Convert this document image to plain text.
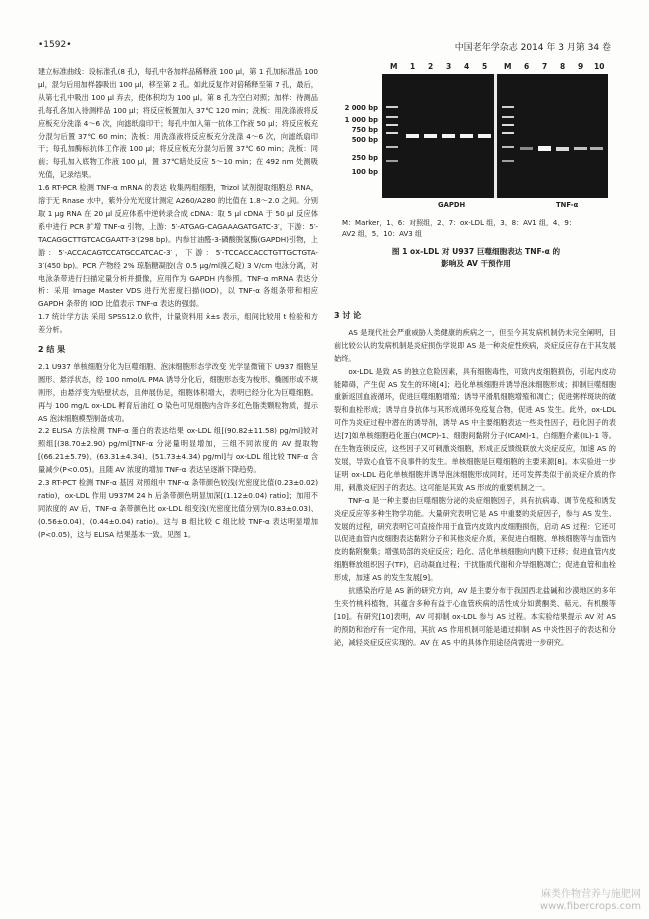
•1592•	中国老年学杂志 2014 年 3 月第 34 卷

建立标准曲线：设标准孔(8 孔)，每孔中各加样品稀释液 100 μl，第 1 孔加标准品 100 μl，混匀后用加样器吸出 100 μl，移至第 2 孔。如此反复作对倍稀释至第 7 孔，最后，从第七孔中吸出 100 μl 弃去，使体积均为 100 μl。第 8 孔为空白对照；加样：待测品孔每孔各加入待测样品 100 μl；将反应板置加入 37℃ 120 min；洗板：用洗涤液将反应板充分洗涤 4～6 次，向滤纸扇印干；每孔中加入第一抗体工作液 50 μl；将反应板充分混匀后置 37℃ 60 min；洗板：用洗涤液将反应板充分洗涤 4～6 次，向滤纸扇印干；每孔加酶标抗体工作液 100 μl；将反应板充分混匀后置 37℃ 60 min；洗板：同前；每孔加入底物工作液 100 μl，置 37℃暗处反应 5～10 min；在 492 nm 处测吸光值，记录结果。

1.6 RT-PCR 检测 TNF-α mRNA 的表达 收集两组细胞，Trizol 试剂提取细胞总 RNA，溶于无 Rnase 水中，紫外分光光度计测定 A260/A280 的比值在 1.8～2.0 之间。分别取 1 μg RNA 在 20 μl 反应体系中逆转录合成 cDNA：取 5 μl cDNA 于 50 μl 反应体系中进行 PCR 扩增 TNF-α 引物，上游：5′-ATGAG-CAGAAAGATGATC-3′，下游：5′-TACAGGCTTGTCACGAATT-3′(298 bp)。内参甘油醛-3-磷酸脱氢酶(GAPDH)引物，上游：5′-ACCACAGTCCATGCCATCAC-3′，下游：5′-TCCACCACCTGTTGCTGTA-3′(450 bp)。PCR 产物经 2% 琼脂糖凝胶(含 0.5 μg/ml溴乙啶) 3 V/cm 电泳分离，对电泳条带进行扫描定量分析并摄像，应用作为 GAPDH 内参照。TNF-α mRNA 表达分析：采用 Image Master VDS 进行光密度扫描(IOD)，以 TNF-α 各组条带和相应 GAPDH 条带的 IOD 比值表示 TNF-α 表达的强弱。

1.7 统计学方法 采用 SPSS12.0 软件，计量资料用 x̄±s 表示，组间比较用 t 检验和方差分析。

2 结 果

2.1 U937 单核细胞分化为巨噬细胞、泡沫细胞形态学改变 光学显微镜下 U937 细胞呈圆形、悬浮状态，经 100 nmol/L PMA 诱导分化后，细胞形态变为梭形、椭圆形或不规则形，由悬浮变为贴壁状态，且伸展伪足，细胞体积增大，表明已经分化为巨噬细胞。再与 100 mg/L ox-LDL 孵育后油红 O 染色可见细胞内含许多红色脂类颗粒物质，提示 AS 泡沫细胞模型制备成功。

2.2 ELISA 方法检测 TNF-α 蛋白的表达结果 ox-LDL 组[(90.82±11.58) pg/ml]较对照组[(38.70±2.90) pg/ml]TNF-α 分泌量明显增加，三组不同浓度的 AV 提取物[(66.21±5.79)、(63.31±4.34)、(51.73±4.34) pg/ml]与 ox-LDL 组比较 TNF-α 含量减少(P<0.05)。且随 AV 浓度的增加 TNF-α 表达呈逐渐下降趋势。

2.3 RT-PCT 检测 TNF-α 基因 对照组中 TNF-α 条带颜色较浅(光密度比值(0.23±0.02) ratio)，ox-LDL 作用 U937M 24 h 后条带颜色明显加深[(1.12±0.04) ratio]；加用不同浓度的 AV 后，TNF-α 条带颜色比 ox-LDL 组变浅(光密度比值分别为(0.83±0.03)、(0.56±0.04)、(0.44±0.04) ratio)。这与 B 组比较 C 组比较 TNF-α 表达明显增加(P<0.05)，这与 ELISA 结果基本一致。见图 1。

M 1 2 3 4 5 M 6 7 8 9 10
2 000 bp
1 000 bp
750 bp
500 bp
250 bp
100 bp
GAPDH	TNF-α
M：Marker，1、6：对照组，2、7：ox-LDL 组，3、8：AV1 组，4、9：
AV2 组，5、10：AV3 组
图 1 ox-LDL 对 U937 巨噬细胞表达 TNF-α 的
影响及 AV 干预作用
3 讨 论

AS 是现代社会严重威胁人类健康的疾病之一，但至今其发病机制仍未完全阐明，目前比较公认的发病机制是炎症损伤学说即 AS 是一种炎症性疾病，炎症反应存在于其发展始终。

ox-LDL 是致 AS 的独立危险因素，具有细胞毒性，可致内皮细胞损伤，引起内皮功能障碍，产生促 AS 发生的环境[4]；趋化单核细胞并诱导泡沫细胞形成；抑制巨噬细胞重新返回血液循环，促进巨噬细胞增殖；诱导平滑肌细胞增殖和凋亡；促进粥样斑块的破裂和血栓形成；诱导自身抗体与其形成循环免疫复合物，促进 AS 发生。此外，ox-LDL 可作为炎症过程中潜在的诱导剂，诱导 AS 中主要细胞表达一些炎性因子，趋化因子的表达[7]如单核细胞趋化蛋白(MCP)-1、细胞间黏附分子(ICAM)-1、白细胞介素(IL)-1 等。在生物连锁反应，这些因子又可刺激炎细胞，形成正反馈级联放大炎症反应，加速 AS 的发展，导致心血管不良事件的发生。单核细胞是巨噬细胞的主要来源[8]。本实验进一步证明 ox-LDL 趋化单核细胞并诱导泡沫细胞形成同时，还可发挥类似于前炎症介质的作用，刺激炎症因子的表达。这可能是其致 AS 形成的重要机制之一。

TNF-α 是一种主要由巨噬细胞分泌的炎症细胞因子，具有抗病毒、调节免疫和诱发炎症反应等多种生物学功能。大量研究表明它是 AS 中重要的炎症因子，参与 AS 发生、发展的过程，研究表明它可直接作用于血管内皮致内皮细胞损伤，启动 AS 过程：它还可以促进血管内皮细胞表达黏附分子和其他炎症介质，来促进白细胞、单核细胞等与血管内皮的黏附聚集；增强局部的炎症反应；趋化、活化单核细胞向内膜下迁移；促进血管内皮细胞释放组织因子(TF)，启动凝血过程；干扰脂质代谢和介导细胞凋亡；促进血管和血栓形成，加速 AS 的发生发展[9]。

抗感染治疗是 AS 新的研究方向，AV 是主要分布于我国西北盐碱和沙漠地区的多年生夹竹桃科植物，其蕴含多种有益于心血管疾病的活性成分如黄酮类、萜元、有机酸等[10]。有研究[10]表明，AV 可抑制 ox-LDL 参与 AS 过程。本实验结果提示 AV 对 AS 的预防和治疗有一定作用，其抗 AS 作用机制可能是通过抑制 AS 中炎性因子的表达和分泌，减轻炎症反应实现的。AV 在 AS 中的具体作用途径尚需进一步研究。

麻类作物营养与施肥网
www.fibercrops.com
